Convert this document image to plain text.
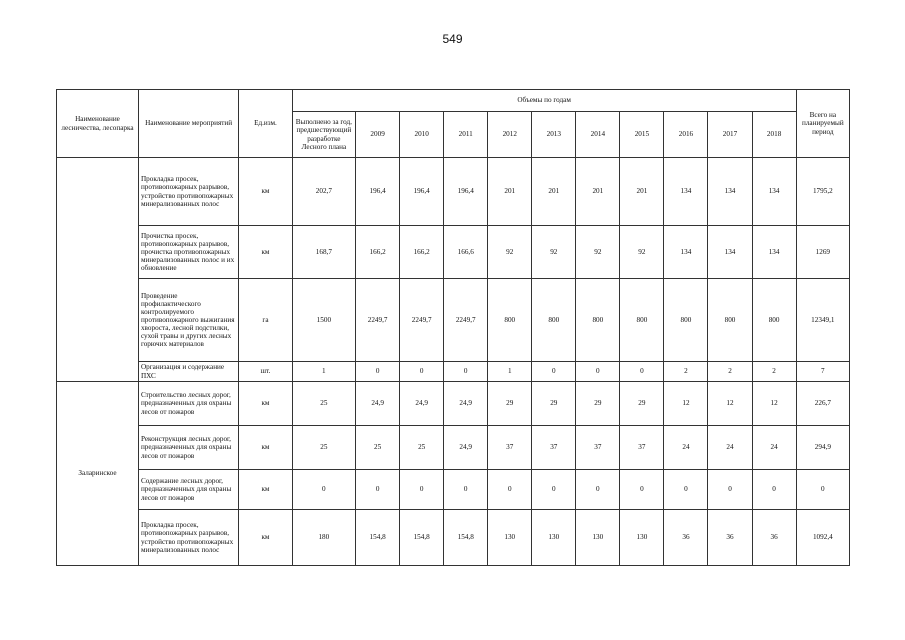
549
Наименование лесничества, лесопарка	Наименование мероприятий	Ед.изм.	Объемы по годам											Всего на планируемый период
			Выполнено за год, предшествующий разработке Лесного плана	2009	2010	2011	2012	2013	2014	2015	2016	2017	2018	
	Прокладка просек, противопожарных разрывов, устройство противопожарных минерализованных полос	км	202,7	196,4	196,4	196,4	201	201	201	201	134	134	134	1795,2
	Прочистка просек, противопожарных разрывов, прочистка противопожарных минерализованных полос и их обновление	км	168,7	166,2	166,2	166,6	92	92	92	92	134	134	134	1269
	Проведение профилактического контролируемого противопожарного выжигания хвороста, лесной подстилки, сухой травы и других лесных горючих материалов	га	1500	2249,7	2249,7	2249,7	800	800	800	800	800	800	800	12349,1
	Организация и содержание ПХС	шт.	1	0	0	0	1	0	0	0	2	2	2	7
Заларинское	Строительство лесных дорог, предназначенных для охраны лесов от пожаров	км	25	24,9	24,9	24,9	29	29	29	29	12	12	12	226,7
	Реконструкция лесных дорог, предназначенных для охраны лесов от пожаров	км	25	25	25	24,9	37	37	37	37	24	24	24	294,9
	Содержание лесных дорог, предназначенных для охраны лесов от пожаров	км	0	0	0	0	0	0	0	0	0	0	0	0
	Прокладка просек, противопожарных разрывов, устройство противопожарных минерализованных полос	км	180	154,8	154,8	154,8	130	130	130	130	36	36	36	1092,4
